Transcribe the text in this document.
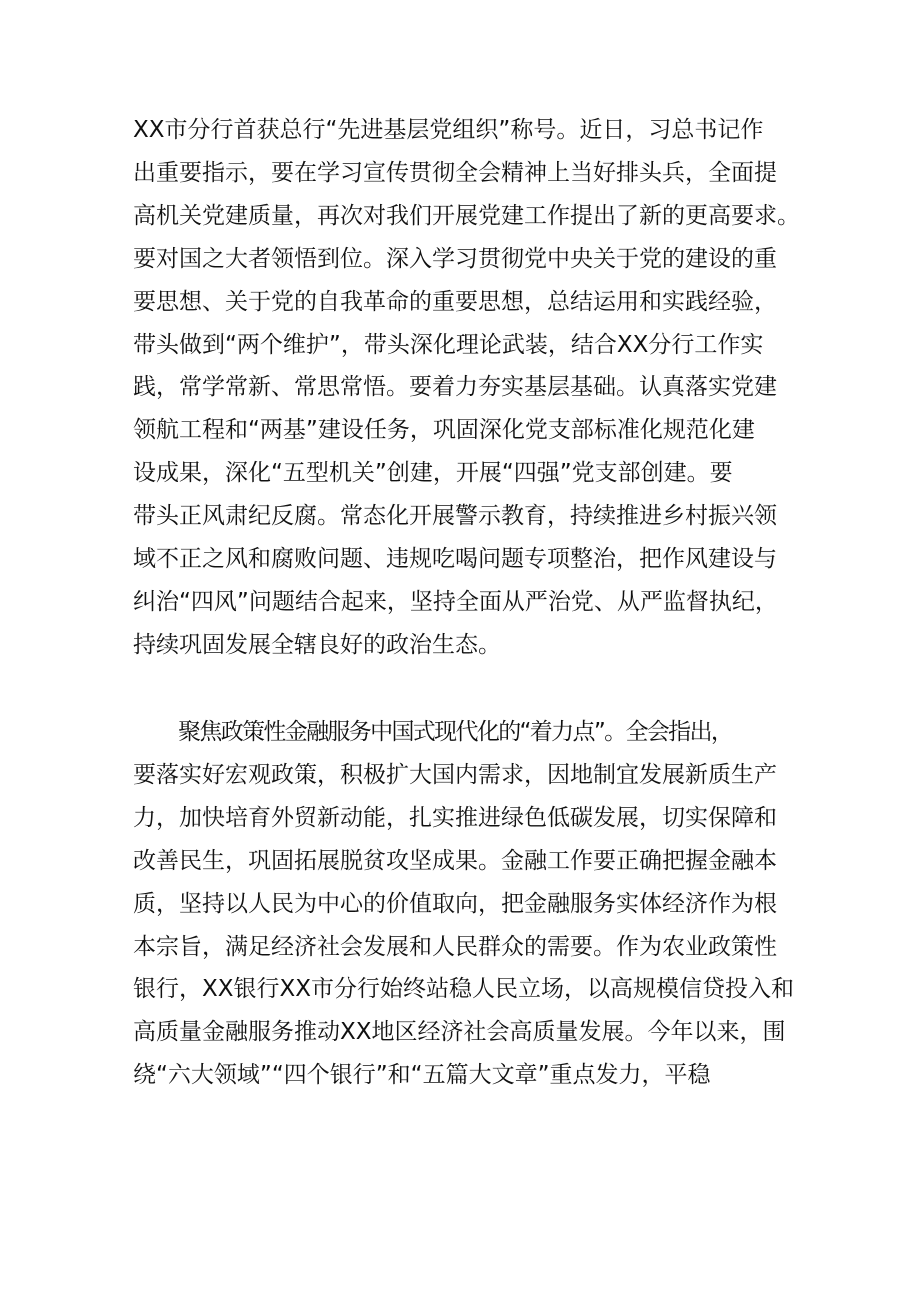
XX市分行首获总行“先进基层党组织”称号。近日，习总书记作
出重要指示，要在学习宣传贯彻全会精神上当好排头兵，全面提
高机关党建质量，再次对我们开展党建工作提出了新的更高要求。
要对国之大者领悟到位。深入学习贯彻党中央关于党的建设的重
要思想、关于党的自我革命的重要思想，总结运用和实践经验，
带头做到“两个维护”，带头深化理论武装，结合XX分行工作实
践，常学常新、常思常悟。要着力夯实基层基础。认真落实党建
领航工程和“两基”建设任务，巩固深化党支部标准化规范化建
设成果，深化“五型机关”创建，开展“四强”党支部创建。要
带头正风肃纪反腐。常态化开展警示教育，持续推进乡村振兴领
域不正之风和腐败问题、违规吃喝问题专项整治，把作风建设与
纠治“四风”问题结合起来，坚持全面从严治党、从严监督执纪，
持续巩固发展全辖良好的政治生态。
聚焦政策性金融服务中国式现代化的“着力点”。全会指出，
要落实好宏观政策，积极扩大国内需求，因地制宜发展新质生产
力，加快培育外贸新动能，扎实推进绿色低碳发展，切实保障和
改善民生，巩固拓展脱贫攻坚成果。金融工作要正确把握金融本
质，坚持以人民为中心的价值取向，把金融服务实体经济作为根
本宗旨，满足经济社会发展和人民群众的需要。作为农业政策性
银行，XX银行XX市分行始终站稳人民立场，以高规模信贷投入和
高质量金融服务推动XX地区经济社会高质量发展。今年以来，围
绕“六大领域”“四个银行”和“五篇大文章”重点发力，平稳
